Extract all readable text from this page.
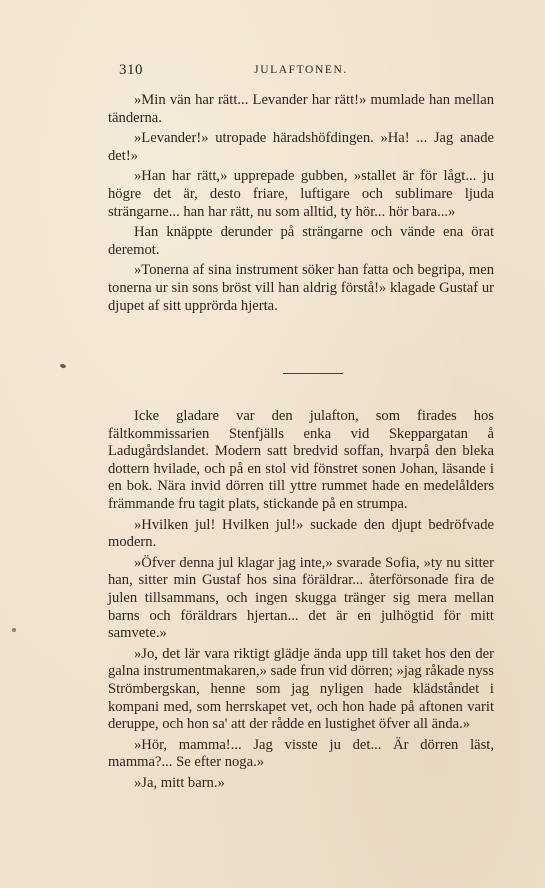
310	JULAFTONEN.

»Min vän har rätt... Levander har rätt!» mumlade han mellan tänderna.

»Levander!» utropade häradshöfdingen. »Ha! ... Jag anade det!»

»Han har rätt,» upprepade gubben, »stallet är för lågt... ju högre det är, desto friare, luftigare och sublimare ljuda strängarne... han har rätt, nu som alltid, ty hör... hör bara...»

Han knäppte derunder på strängarne och vände ena örat deremot.

»Tonerna af sina instrument söker han fatta och begripa, men tonerna ur sin sons bröst vill han aldrig förstå!» klagade Gustaf ur djupet af sitt upprörda hjerta.

Icke gladare var den julafton, som firades hos fältkommissarien Stenfjälls enka vid Skeppargatan å Ladugårdslandet. Modern satt bredvid soffan, hvarpå den bleka dottern hvilade, och på en stol vid fönstret sonen Johan, läsande i en bok. Nära invid dörren till yttre rummet hade en medelålders främmande fru tagit plats, stickande på en strumpa.

»Hvilken jul! Hvilken jul!» suckade den djupt bedröfvade modern.

»Öfver denna jul klagar jag inte,» svarade Sofia, »ty nu sitter han, sitter min Gustaf hos sina föräldrar... återförsonade fira de julen tillsammans, och ingen skugga tränger sig mera mellan barns och föräldrars hjertan... det är en julhögtid för mitt samvete.»

»Jo, det lär vara riktigt glädje ända upp till taket hos den der galna instrumentmakaren,» sade frun vid dörren; »jag råkade nyss Strömbergskan, henne som jag nyligen hade klädståndet i kompani med, som herrskapet vet, och hon hade på aftonen varit deruppe, och hon sa' att der rådde en lustighet öfver all ända.»

»Hör, mamma!... Jag visste ju det... Är dörren läst, mamma?... Se efter noga.»

»Ja, mitt barn.»
